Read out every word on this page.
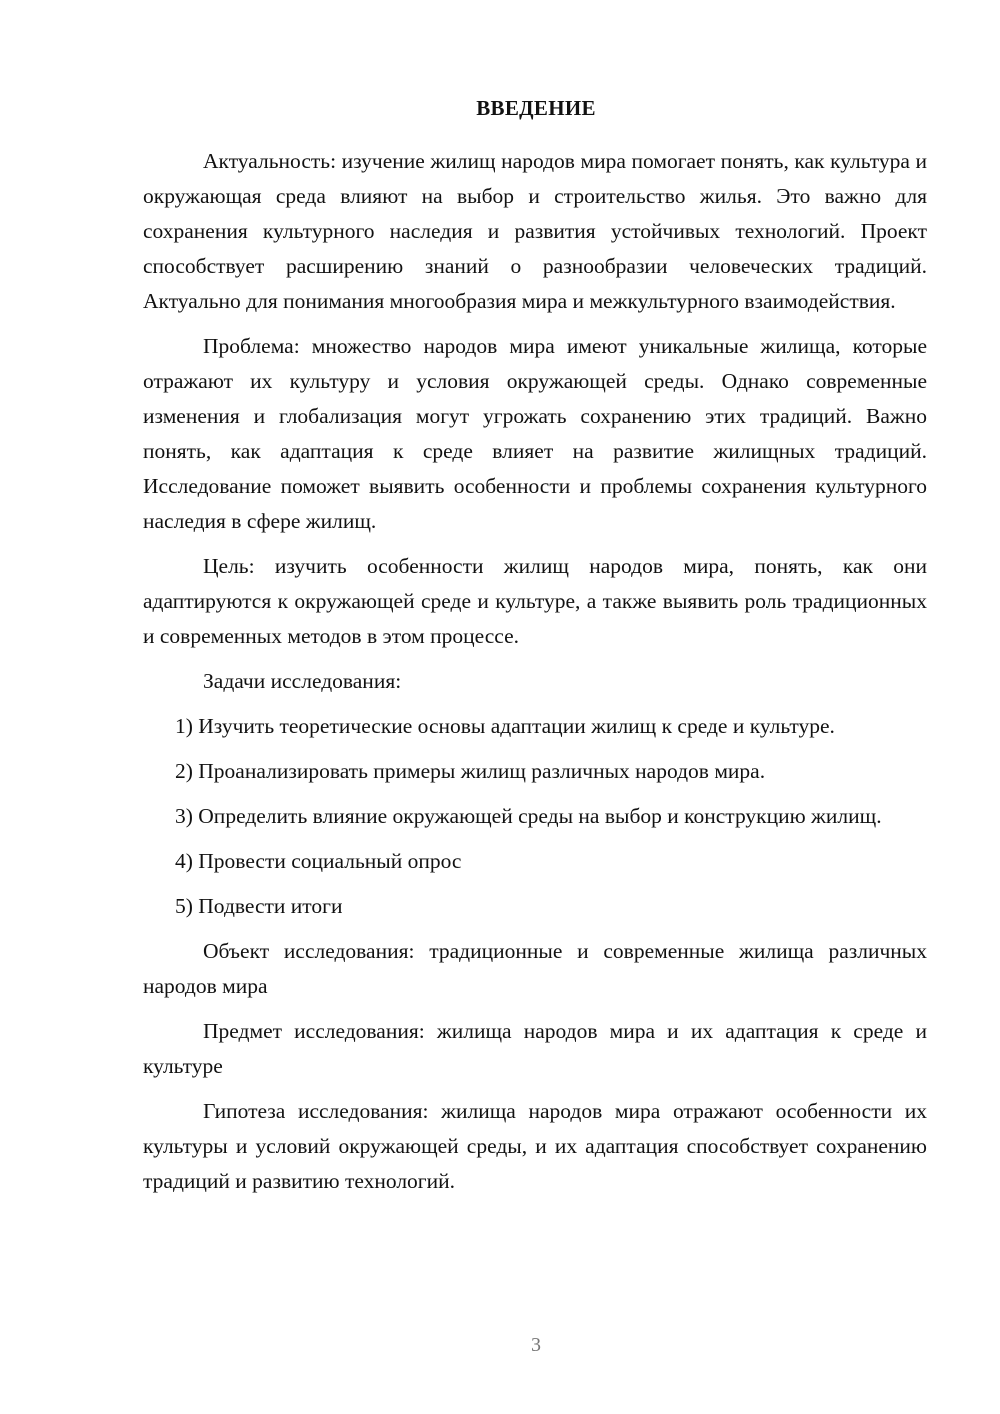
ВВЕДЕНИЕ

Актуальность: изучение жилищ народов мира помогает понять, как культура и окружающая среда влияют на выбор и строительство жилья. Это важно для сохранения культурного наследия и развития устойчивых технологий. Проект способствует расширению знаний о разнообразии человеческих традиций. Актуально для понимания многообразия мира и межкультурного взаимодействия.

Проблема: множество народов мира имеют уникальные жилища, которые отражают их культуру и условия окружающей среды. Однако современные изменения и глобализация могут угрожать сохранению этих традиций. Важно понять, как адаптация к среде влияет на развитие жилищных традиций. Исследование поможет выявить особенности и проблемы сохранения культурного наследия в сфере жилищ.

Цель: изучить особенности жилищ народов мира, понять, как они адаптируются к окружающей среде и культуре, а также выявить роль традиционных и современных методов в этом процессе.

Задачи исследования:

1) Изучить теоретические основы адаптации жилищ к среде и культуре.

2) Проанализировать примеры жилищ различных народов мира.

3) Определить влияние окружающей среды на выбор и конструкцию жилищ.

4) Провести социальный опрос

5) Подвести итоги

Объект исследования: традиционные и современные жилища различных народов мира

Предмет исследования: жилища народов мира и их адаптация к среде и культуре

Гипотеза исследования: жилища народов мира отражают особенности их культуры и условий окружающей среды, и их адаптация способствует сохранению традиций и развитию технологий.

3
